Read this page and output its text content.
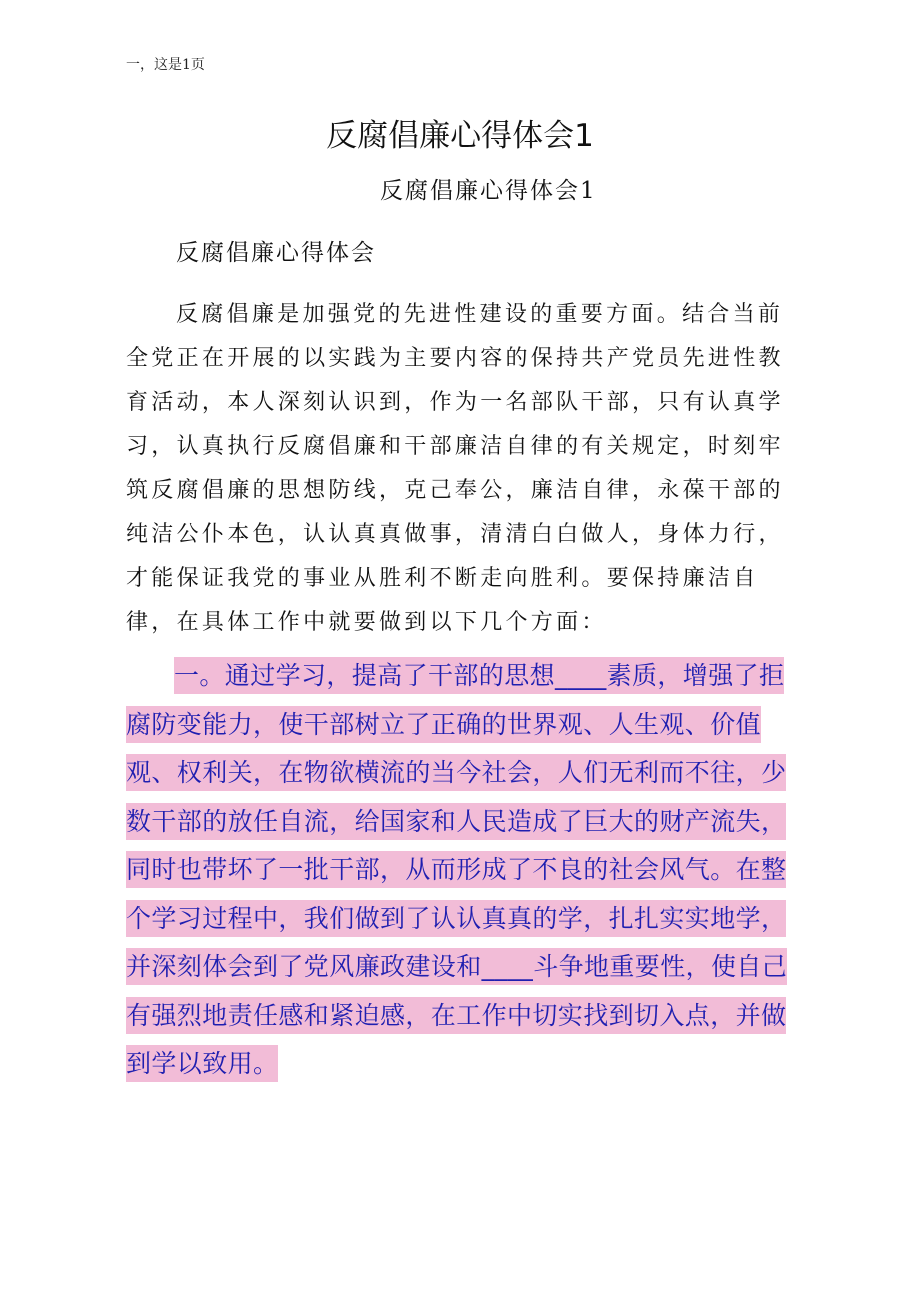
一，这是1页
反腐倡廉心得体会1
反腐倡廉心得体会1
反腐倡廉心得体会

反腐倡廉是加强党的先进性建设的重要方面。结合当前全党正在开展的以实践为主要内容的保持共产党员先进性教育活动，本人深刻认识到，作为一名部队干部，只有认真学习，认真执行反腐倡廉和干部廉洁自律的有关规定，时刻牢筑反腐倡廉的思想防线，克己奉公，廉洁自律，永葆干部的纯洁公仆本色，认认真真做事，清清白白做人，身体力行，才能保证我党的事业从胜利不断走向胜利。要保持廉洁自律，在具体工作中就要做到以下几个方面：

一。通过学习，提高了干部的思想____素质，增强了拒腐防变能力，使干部树立了正确的世界观、人生观、价值观、权利关，在物欲横流的当今社会，人们无利而不往，少数干部的放任自流，给国家和人民造成了巨大的财产流失，同时也带坏了一批干部，从而形成了不良的社会风气。在整个学习过程中，我们做到了认认真真的学，扎扎实实地学，并深刻体会到了党风廉政建设和____斗争地重要性，使自己有强烈地责任感和紧迫感，在工作中切实找到切入点，并做到学以致用。
